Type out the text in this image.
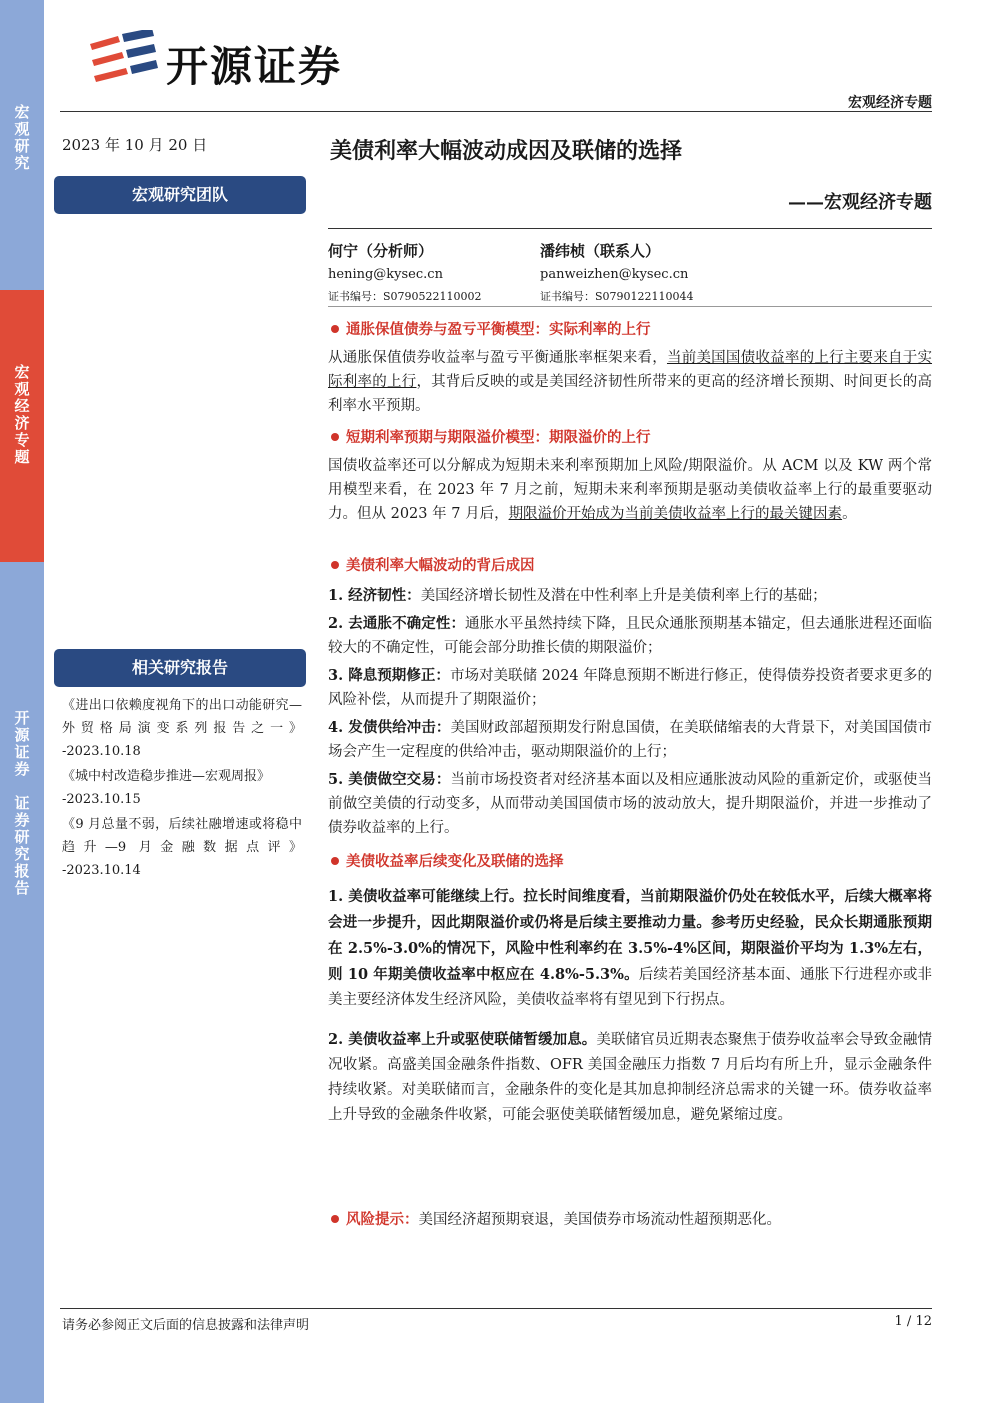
宏
观
研
究
宏
观
经
济
专
题
开
源
证
券

证
券
研
究
报
告
开源证券
宏观经济专题
2023 年 10 月 20 日
宏观研究团队
相关研究报告
《进出口依赖度视角下的出口动能研究—外贸格局演变系列报告之一》
-2023.10.18
《城中村改造稳步推进—宏观周报》
-2023.10.15
《9 月总量不弱，后续社融增速或将稳中趋升—9 月金融数据点评》
-2023.10.14
美债利率大幅波动成因及联储的选择
——宏观经济专题
何宁（分析师）
hening@kysec.cn
证书编号：S0790522110002
潘纬桢（联系人）
panweizhen@kysec.cn
证书编号：S0790122110044
通胀保值债券与盈亏平衡模型：实际利率的上行
从通胀保值债券收益率与盈亏平衡通胀率框架来看，当前美国国债收益率的上行主要来自于实际利率的上行，其背后反映的或是美国经济韧性所带来的更高的经济增长预期、时间更长的高利率水平预期。
短期利率预期与期限溢价模型：期限溢价的上行
国债收益率还可以分解成为短期未来利率预期加上风险/期限溢价。从 ACM 以及 KW 两个常用模型来看，在 2023 年 7 月之前，短期未来利率预期是驱动美债收益率上行的最重要驱动力。但从 2023 年 7 月后，期限溢价开始成为当前美债收益率上行的最关键因素。
美债利率大幅波动的背后成因
1. 经济韧性：美国经济增长韧性及潜在中性利率上升是美债利率上行的基础；
2. 去通胀不确定性：通胀水平虽然持续下降，且民众通胀预期基本锚定，但去通胀进程还面临较大的不确定性，可能会部分助推长债的期限溢价；
3. 降息预期修正：市场对美联储 2024 年降息预期不断进行修正，使得债券投资者要求更多的风险补偿，从而提升了期限溢价；
4. 发债供给冲击：美国财政部超预期发行附息国债，在美联储缩表的大背景下，对美国国债市场会产生一定程度的供给冲击，驱动期限溢价的上行；
5. 美债做空交易：当前市场投资者对经济基本面以及相应通胀波动风险的重新定价，或驱使当前做空美债的行动变多，从而带动美国国债市场的波动放大，提升期限溢价，并进一步推动了债券收益率的上行。
美债收益率后续变化及联储的选择
1. 美债收益率可能继续上行。拉长时间维度看，当前期限溢价仍处在较低水平，后续大概率将会进一步提升，因此期限溢价或仍将是后续主要推动力量。参考历史经验，民众长期通胀预期在 2.5%-3.0%的情况下，风险中性利率约在 3.5%-4%区间，期限溢价平均为 1.3%左右，则 10 年期美债收益率中枢应在 4.8%-5.3%。后续若美国经济基本面、通胀下行进程亦或非美主要经济体发生经济风险，美债收益率将有望见到下行拐点。
2. 美债收益率上升或驱使联储暂缓加息。美联储官员近期表态聚焦于债券收益率会导致金融情况收紧。高盛美国金融条件指数、OFR 美国金融压力指数 7 月后均有所上升，显示金融条件持续收紧。对美联储而言，金融条件的变化是其加息抑制经济总需求的关键一环。债券收益率上升导致的金融条件收紧，可能会驱使美联储暂缓加息，避免紧缩过度。
风险提示：美国经济超预期衰退，美国债券市场流动性超预期恶化。
请务必参阅正文后面的信息披露和法律声明	1 / 12
